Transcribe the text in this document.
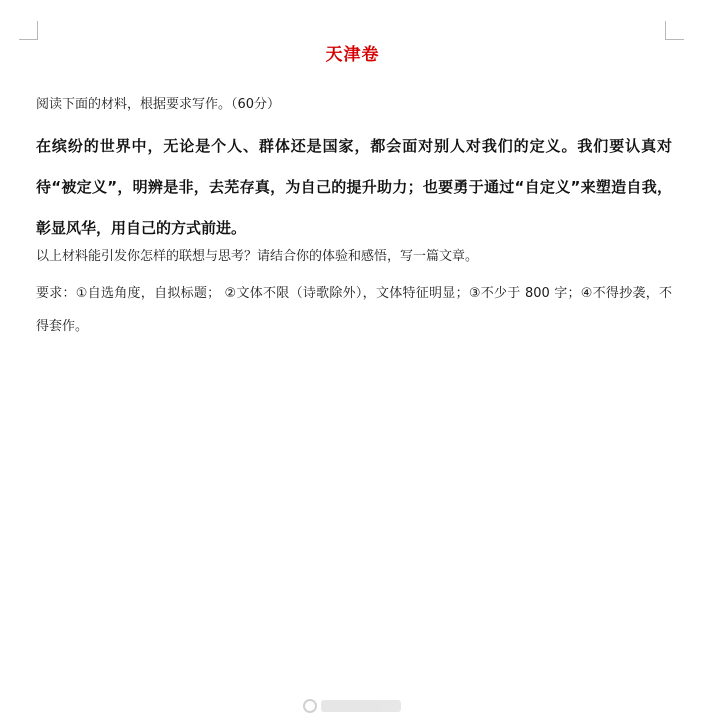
天津卷
阅读下面的材料，根据要求写作。（60分）
在缤纷的世界中，无论是个人、群体还是国家，都会面对别人对我们的定义。我们要认真对待“被定义”，明辨是非，去芜存真，为自己的提升助力；也要勇于通过“自定义”来塑造自我，彰显风华，用自己的方式前进。
以上材料能引发你怎样的联想与思考？请结合你的体验和感悟，写一篇文章。
要求：①自选角度，自拟标题； ②文体不限（诗歌除外），文体特征明显；③不少于 800 字；④不得抄袭，不得套作。
